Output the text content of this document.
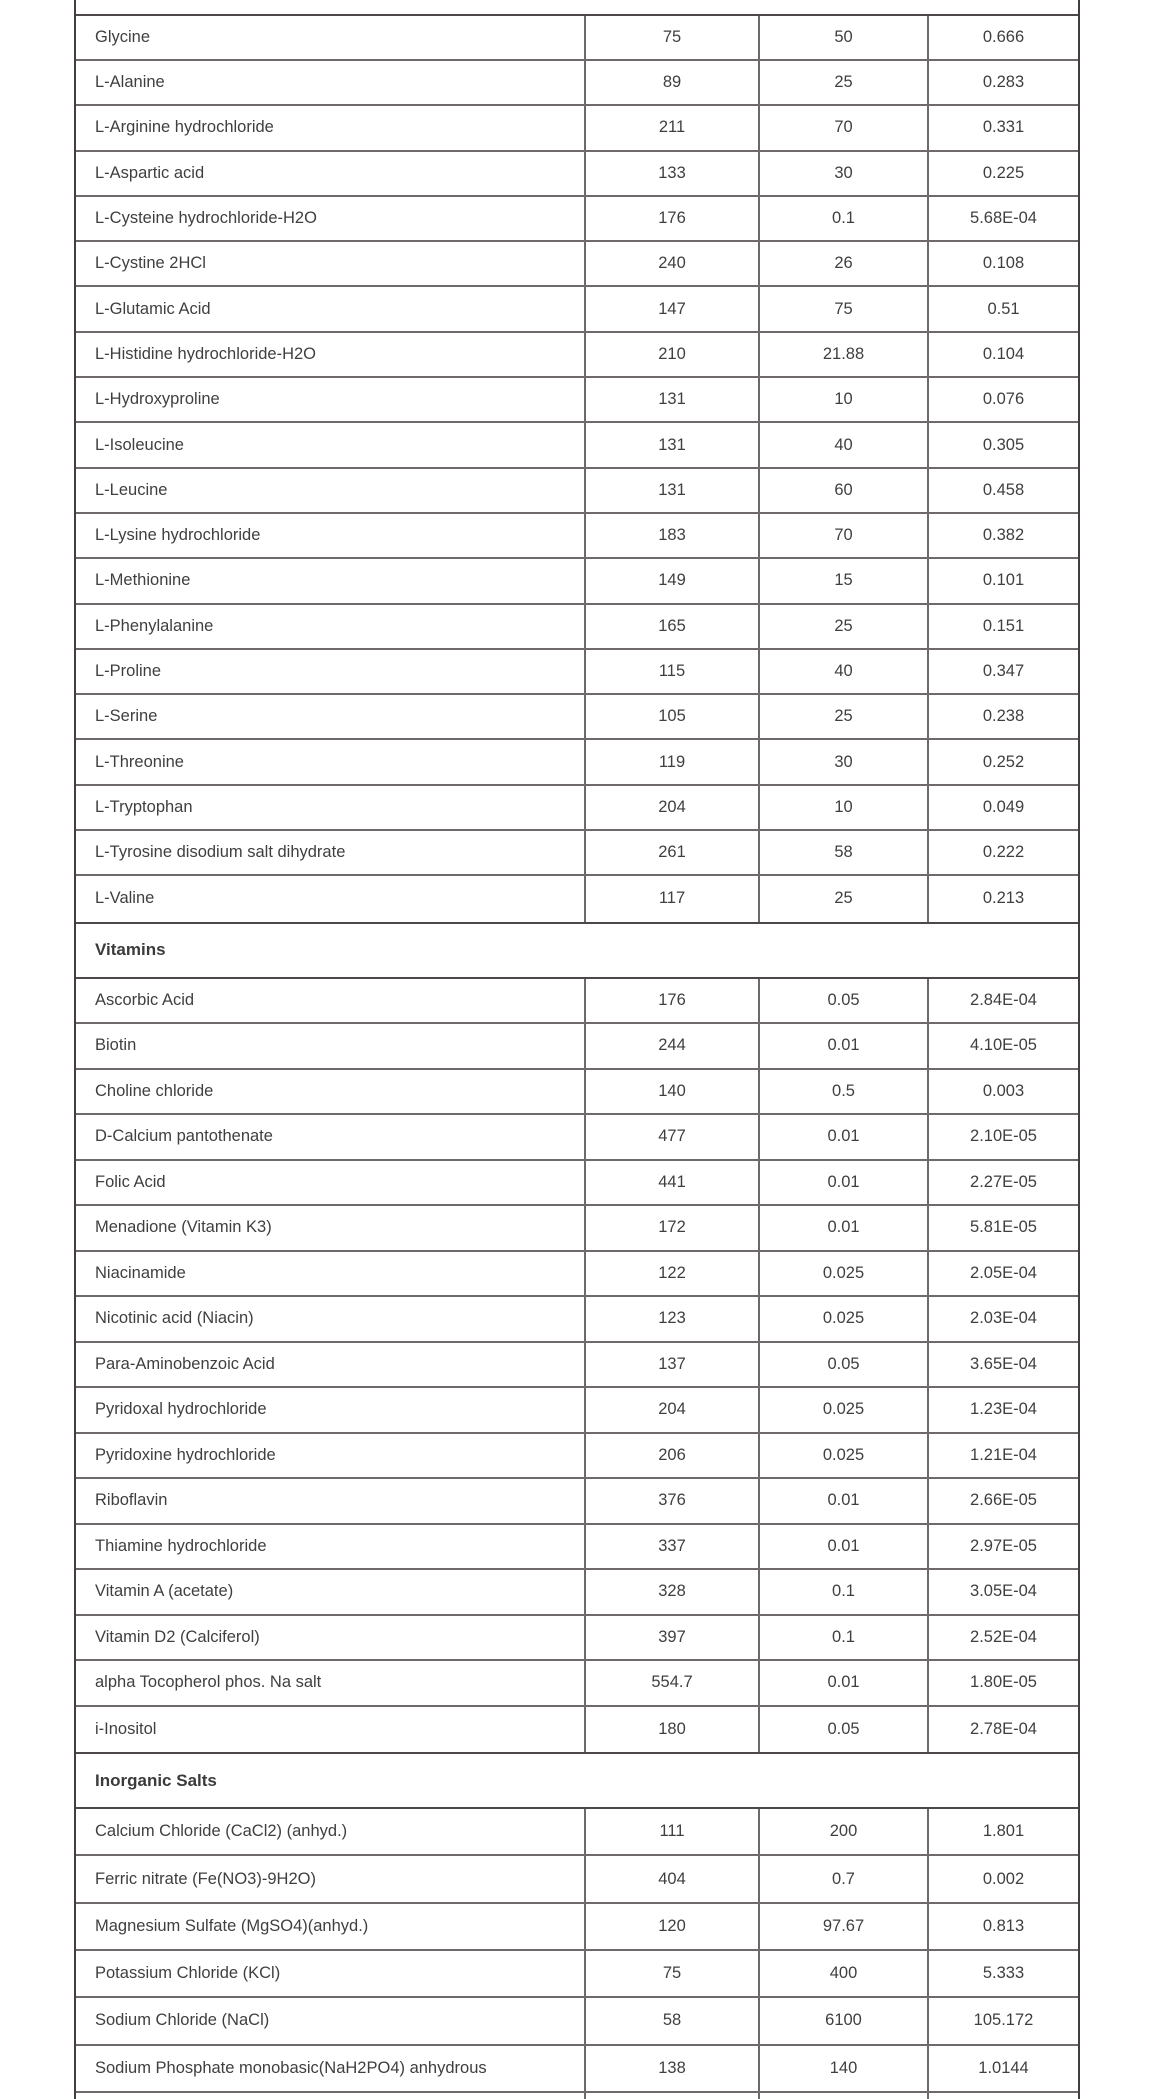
Glycine	75	50	0.666
L-Alanine	89	25	0.283
L-Arginine hydrochloride	211	70	0.331
L-Aspartic acid	133	30	0.225
L-Cysteine hydrochloride-H2O	176	0.1	5.68E-04
L-Cystine 2HCl	240	26	0.108
L-Glutamic Acid	147	75	0.51
L-Histidine hydrochloride-H2O	210	21.88	0.104
L-Hydroxyproline	131	10	0.076
L-Isoleucine	131	40	0.305
L-Leucine	131	60	0.458
L-Lysine hydrochloride	183	70	0.382
L-Methionine	149	15	0.101
L-Phenylalanine	165	25	0.151
L-Proline	115	40	0.347
L-Serine	105	25	0.238
L-Threonine	119	30	0.252
L-Tryptophan	204	10	0.049
L-Tyrosine disodium salt dihydrate	261	58	0.222
L-Valine	117	25	0.213
Vitamins
Ascorbic Acid	176	0.05	2.84E-04
Biotin	244	0.01	4.10E-05
Choline chloride	140	0.5	0.003
D-Calcium pantothenate	477	0.01	2.10E-05
Folic Acid	441	0.01	2.27E-05
Menadione (Vitamin K3)	172	0.01	5.81E-05
Niacinamide	122	0.025	2.05E-04
Nicotinic acid (Niacin)	123	0.025	2.03E-04
Para-Aminobenzoic Acid	137	0.05	3.65E-04
Pyridoxal hydrochloride	204	0.025	1.23E-04
Pyridoxine hydrochloride	206	0.025	1.21E-04
Riboflavin	376	0.01	2.66E-05
Thiamine hydrochloride	337	0.01	2.97E-05
Vitamin A (acetate)	328	0.1	3.05E-04
Vitamin D2 (Calciferol)	397	0.1	2.52E-04
alpha Tocopherol phos. Na salt	554.7	0.01	1.80E-05
i-Inositol	180	0.05	2.78E-04
Inorganic Salts
Calcium Chloride (CaCl2) (anhyd.)	111	200	1.801
Ferric nitrate (Fe(NO3)-9H2O)	404	0.7	0.002
Magnesium Sulfate (MgSO4)(anhyd.)	120	97.67	0.813
Potassium Chloride (KCl)	75	400	5.333
Sodium Chloride (NaCl)	58	6100	105.172
Sodium Phosphate monobasic(NaH2PO4) anhydrous	138	140	1.0144
